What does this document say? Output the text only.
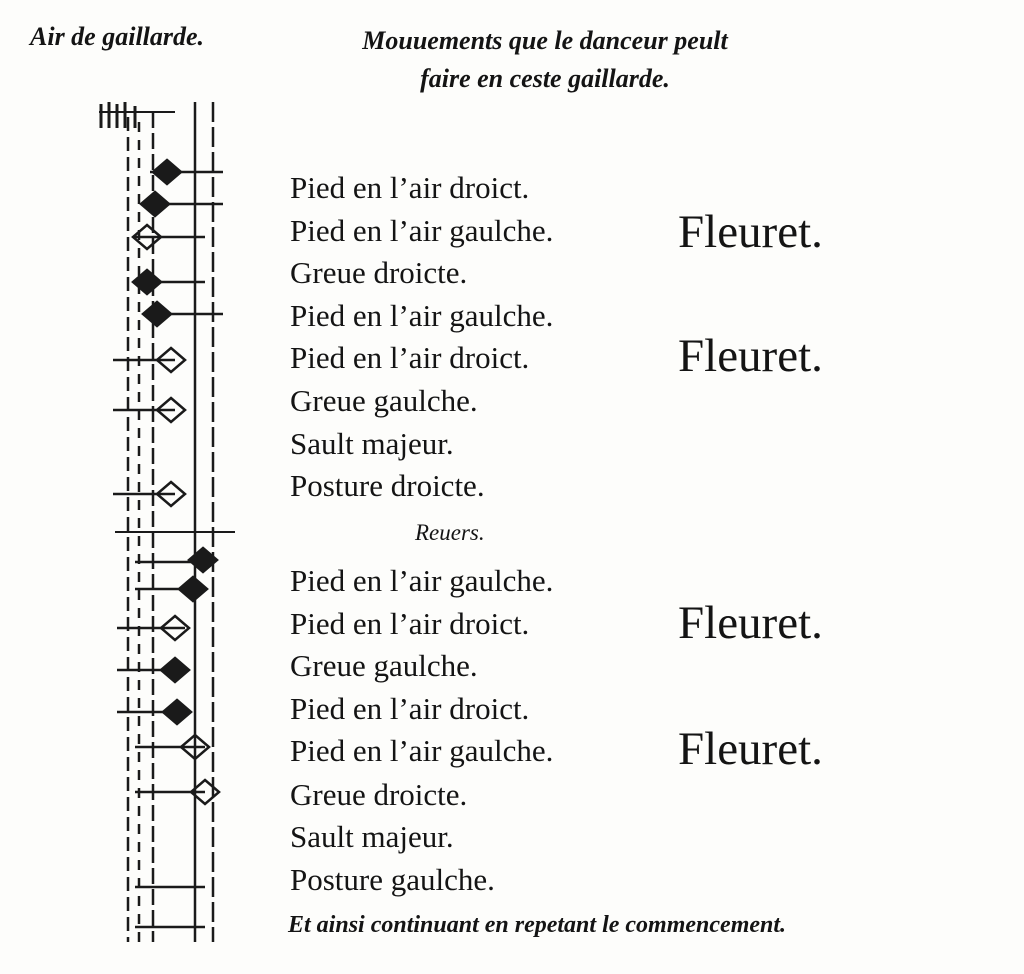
Air de gaillarde.	Mouuements que le danceur peult
faire en ceste gaillarde.
Pied en l’air droict.
Pied en l’air gaulche.
Greue droicte.
Pied en l’air gaulche.
Pied en l’air droict.
Greue gaulche.
Sault majeur.
Posture droicte.
Fleuret.
Fleuret.
Reuers.
Pied en l’air gaulche.
Pied en l’air droict.
Greue gaulche.
Pied en l’air droict.
Pied en l’air gaulche.
Greue droicte.
Sault majeur.
Posture gaulche.
Fleuret.
Fleuret.
Et ainsi continuant en repetant le commencement.
